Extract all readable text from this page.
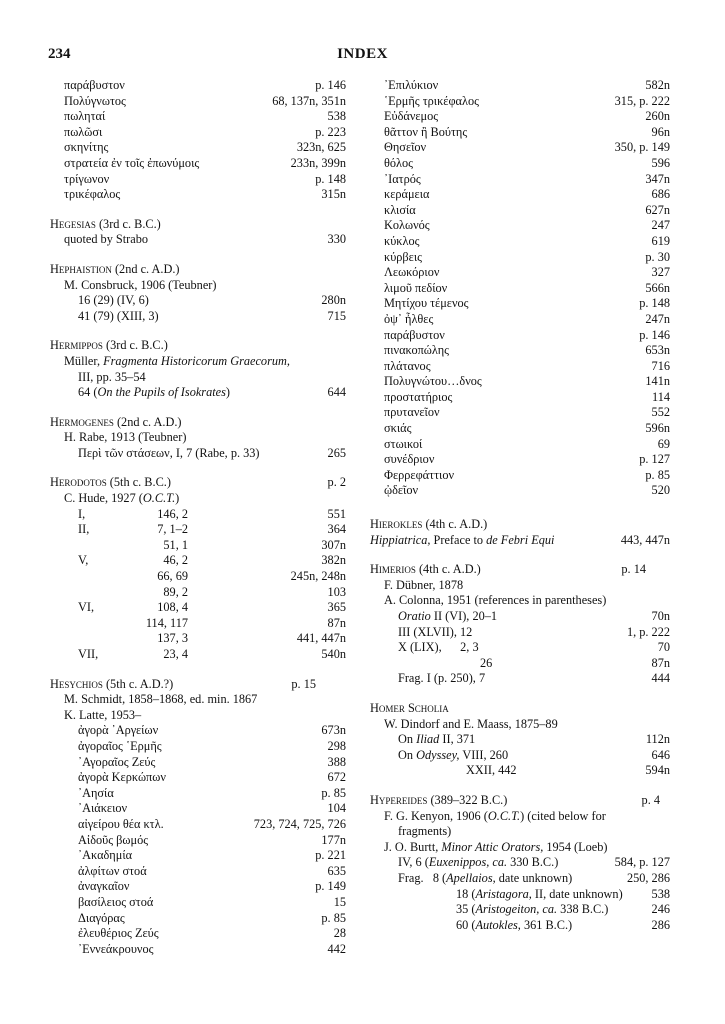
234	INDEX
παράβυστον	p. 146
Πολύγνωτος	68, 137n, 351n
πωληταί	538
πωλῶσι	p. 223
σκηνίτης	323n, 625
στρατεία ἐν τοῖς ἐπωνύμοις	233n, 399n
τρίγωνον	p. 148
τρικέφαλος	315n
Hegesias (3rd c. B.C.)
quoted by Strabo	330
Hephaistion (2nd c. A.D.)
M. Consbruck, 1906 (Teubner)
16 (29) (IV, 6)	280n
41 (79) (XIII, 3)	715
Hermippos (3rd c. B.C.)
Müller, Fragmenta Historicorum Graecorum,
III, pp. 35–54
64 (On the Pupils of Isokrates)	644
Hermogenes (2nd c. A.D.)
H. Rabe, 1913 (Teubner)
Περὶ τῶν στάσεων, I, 7 (Rabe, p. 33)	265
Herodotos (5th c. B.C.)	p. 2
C. Hude, 1927 (O.C.T.)
I,	146, 2	551
II,	7, 1–2	364
51, 1	307n
V,	46, 2	382n
66, 69	245n, 248n
89, 2	103
VI,	108, 4	365
114, 117	87n
137, 3	441, 447n
VII,	23, 4	540n
Hesychios (5th c. A.D.?)	p. 15
M. Schmidt, 1858–1868, ed. min. 1867
K. Latte, 1953–
ἀγορὰ ᾿Αργείων	673n
ἀγοραῖος ῾Ερμῆς	298
᾿Αγοραῖος Ζεύς	388
ἀγορὰ Κερκώπων	672
᾿Αησία	p. 85
᾿Αιάκειον	104
αἰγείρου θέα κτλ.	723, 724, 725, 726
Αἰδοῦς βωμός	177n
᾿Ακαδημία	p. 221
ἀλφίτων στοά	635
ἀναγκαῖον	p. 149
βασίλειος στοά	15
Διαγόρας	p. 85
ἐλευθέριος Ζεύς	28
᾿Εννεάκρουνος	442
᾿Επιλύκιον	582n
῾Ερμῆς τρικέφαλος	315, p. 222
Εὐδάνεμος	260n
θᾶττον ἢ Βούτης	96n
Θησεῖον	350, p. 149
θόλος	596
᾿Ιατρός	347n
κεράμεια	686
κλισία	627n
Κολωνός	247
κύκλος	619
κύρβεις	p. 30
Λεωκόριον	327
λιμοῦ πεδίον	566n
Μητίχου τέμενος	p. 148
ὀψ᾿ ἦλθες	247n
παράβυστον	p. 146
πινακοπώλης	653n
πλάτανος	716
Πολυγνώτου…δνος	141n
προστατήριος	114
πρυτανεῖον	552
σκιάς	596n
στωικοί	69
συνέδριον	p. 127
Φερρεφάττιον	p. 85
ᾠδεῖον	520
Hierokles (4th c. A.D.)
Hippiatrica, Preface to de Febri Equi	443, 447n
Himerios (4th c. A.D.)	p. 14
F. Dübner, 1878
A. Colonna, 1951 (references in parentheses)
Oratio II (VI), 20–1	70n
III (XLVII), 12	1, p. 222
X (LIX),      2, 3	70
26	87n
Frag. I (p. 250), 7	444
Homer Scholia
W. Dindorf and E. Maass, 1875–89
On Iliad II, 371	112n
On Odyssey, VIII, 260	646
XXII, 442	594n
Hypereides (389–322 B.C.)	p. 4
F. G. Kenyon, 1906 (O.C.T.) (cited below for
fragments)
J. O. Burtt, Minor Attic Orators, 1954 (Loeb)
IV, 6 (Euxenippos, ca. 330 B.C.)	584, p. 127
Frag.   8 (Apellaios, date unknown)	250, 286
18 (Aristagora, II, date unknown) 538
35 (Aristogeiton, ca. 338 B.C.)	246
60 (Autokles, 361 B.C.)	286
